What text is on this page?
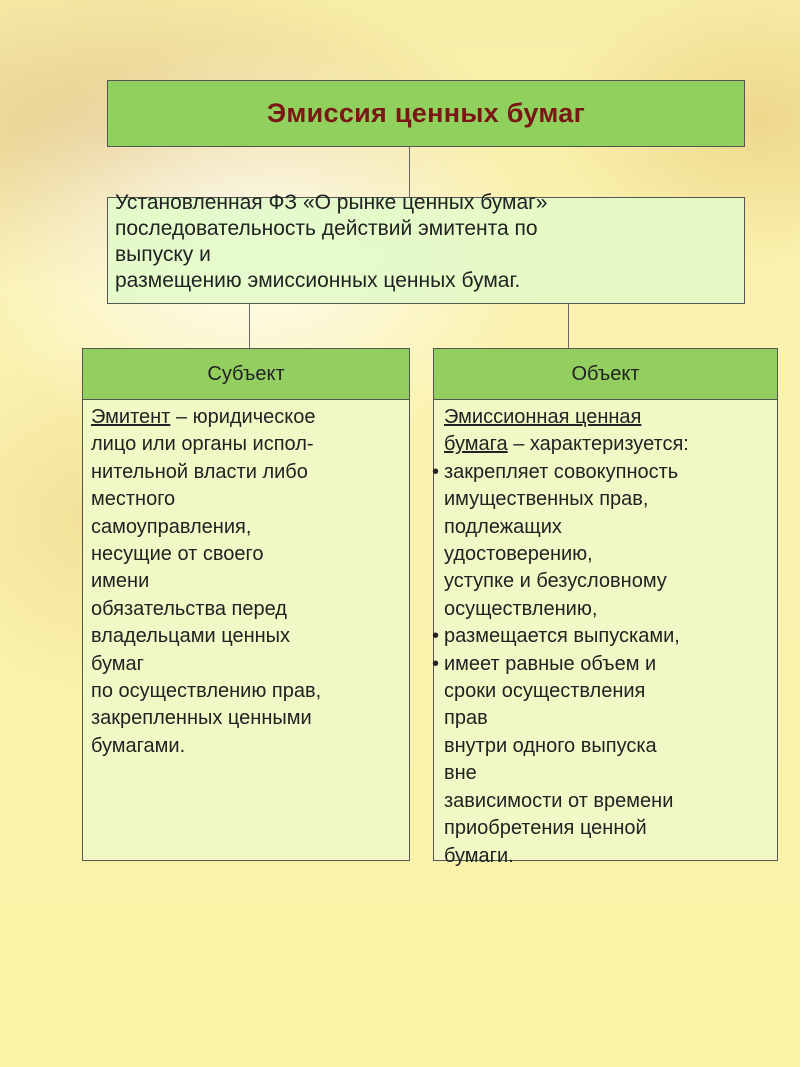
Эмиссия ценных бумаг
Установленная ФЗ «О рынке ценных бумаг»
последовательность действий эмитента по
выпуску и
размещению эмиссионных ценных бумаг.
Субъект	Объект
Эмитент – юридическое
лицо или органы испол-
нительной власти либо
местного
самоуправления,
несущие от своего
имени
обязательства перед
владельцами ценных
бумаг
по осуществлению прав,
закрепленных ценными
бумагами.
Эмиссионная ценная
бумага – характеризуется:
• закрепляет совокупность
имущественных прав,
подлежащих
удостоверению,
уступке и безусловному
осуществлению,
• размещается выпусками,
• имеет равные объем и
сроки осуществления
прав
внутри одного выпуска
вне
зависимости от времени
приобретения ценной
бумаги.
